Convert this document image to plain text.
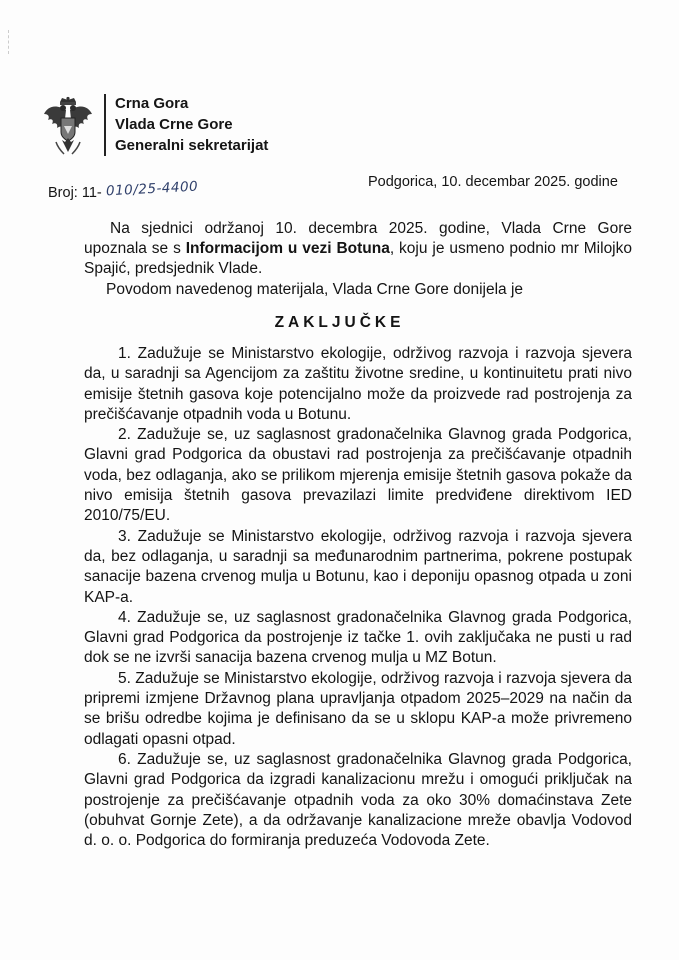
Crna Gora
Vlada Crne Gore
Generalni sekretarijat
Broj: 11- 010/25-4400	Podgorica, 10. decembar 2025. godine

Na sjednici održanoj 10. decembra 2025. godine, Vlada Crne Gore upoznala se s Informacijom u vezi Botuna, koju je usmeno podnio mr Milojko Spajić, predsjednik Vlade.

Povodom navedenog materijala, Vlada Crne Gore donijela je

ZAKLJUČKE

1. Zadužuje se Ministarstvo ekologije, održivog razvoja i razvoja sjevera da, u saradnji sa Agencijom za zaštitu životne sredine, u kontinuitetu prati nivo emisije štetnih gasova koje potencijalno može da proizvede rad postrojenja za prečišćavanje otpadnih voda u Botunu.

2. Zadužuje se, uz saglasnost gradonačelnika Glavnog grada Podgorica, Glavni grad Podgorica da obustavi rad postrojenja za prečišćavanje otpadnih voda, bez odlaganja, ako se prilikom mjerenja emisije štetnih gasova pokaže da nivo emisija štetnih gasova prevazilazi limite predviđene direktivom IED 2010/75/EU.

3. Zadužuje se Ministarstvo ekologije, održivog razvoja i razvoja sjevera da, bez odlaganja, u saradnji sa međunarodnim partnerima, pokrene postupak sanacije bazena crvenog mulja u Botunu, kao i deponiju opasnog otpada u zoni KAP-a.

4. Zadužuje se, uz saglasnost gradonačelnika Glavnog grada Podgorica, Glavni grad Podgorica da postrojenje iz tačke 1. ovih zaključaka ne pusti u rad dok se ne izvrši sanacija bazena crvenog mulja u MZ Botun.

5. Zadužuje se Ministarstvo ekologije, održivog razvoja i razvoja sjevera da pripremi izmjene Državnog plana upravljanja otpadom 2025–2029 na način da se brišu odredbe kojima je definisano da se u sklopu KAP-a može privremeno odlagati opasni otpad.

6. Zadužuje se, uz saglasnost gradonačelnika Glavnog grada Podgorica, Glavni grad Podgorica da izgradi kanalizacionu mrežu i omogući priključak na postrojenje za prečišćavanje otpadnih voda za oko 30% domaćinstava Zete (obuhvat Gornje Zete), a da održavanje kanalizacione mreže obavlja Vodovod d. o. o. Podgorica do formiranja preduzeća Vodovoda Zete.
